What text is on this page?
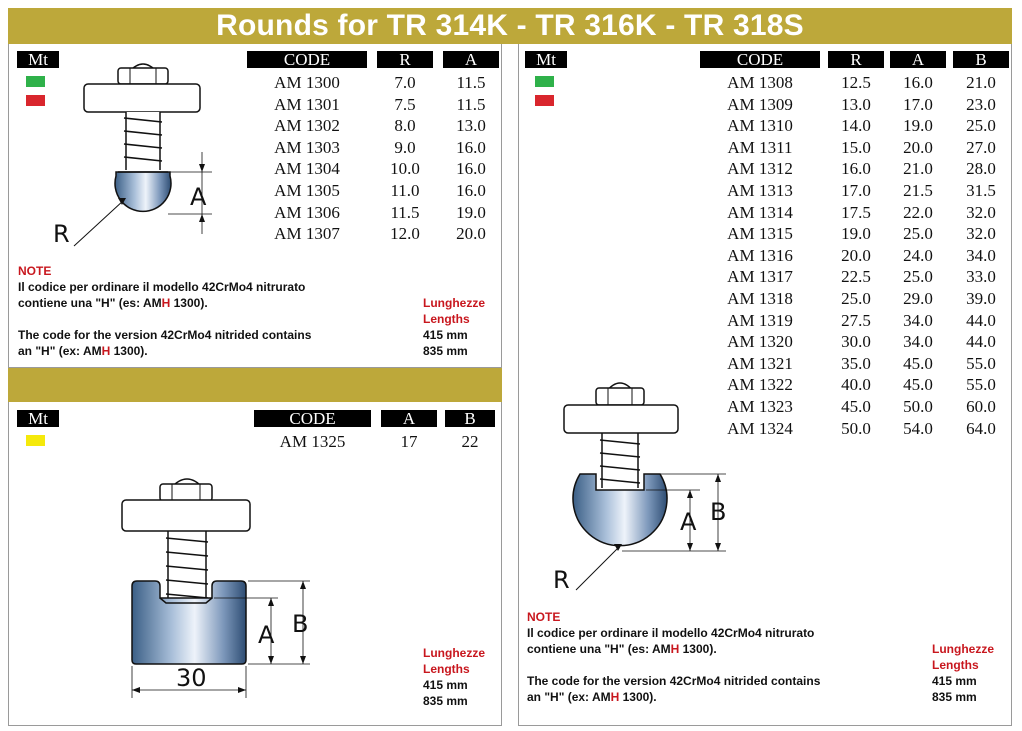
Rounds for TR 314K - TR 316K - TR 318S
Mt	CODE	R	A
AM 1300	7.0	11.5
AM 1301	7.5	11.5
AM 1302	8.0	13.0
AM 1303	9.0	16.0
AM 1304	10.0	16.0
AM 1305	11.0	16.0
AM 1306	11.5	19.0
AM 1307	12.0	20.0
A
R
NOTE
Il codice per ordinare il modello 42CrMo4 nitrurato
contiene una "H" (es: AMH 1300).
The code for the version 42CrMo4 nitrided contains
an "H" (ex: AMH 1300).
Lunghezze
Lengths
415 mm
835 mm
Mt	CODE	R	A	B
AM 1308	12.5	16.0	21.0
AM 1309	13.0	17.0	23.0
AM 1310	14.0	19.0	25.0
AM 1311	15.0	20.0	27.0
AM 1312	16.0	21.0	28.0
AM 1313	17.0	21.5	31.5
AM 1314	17.5	22.0	32.0
AM 1315	19.0	25.0	32.0
AM 1316	20.0	24.0	34.0
AM 1317	22.5	25.0	33.0
AM 1318	25.0	29.0	39.0
AM 1319	27.5	34.0	44.0
AM 1320	30.0	34.0	44.0
AM 1321	35.0	45.0	55.0
AM 1322	40.0	45.0	55.0
AM 1323	45.0	50.0	60.0
AM 1324	50.0	54.0	64.0
A B
R
NOTE
Il codice per ordinare il modello 42CrMo4 nitrurato
contiene una "H" (es: AMH 1300).
The code for the version 42CrMo4 nitrided contains
an "H" (ex: AMH 1300).
Lunghezze
Lengths
415 mm
835 mm
Mt	CODE	A	B
AM 1325	17	22
A B
30
Lunghezze
Lengths
415 mm
835 mm
